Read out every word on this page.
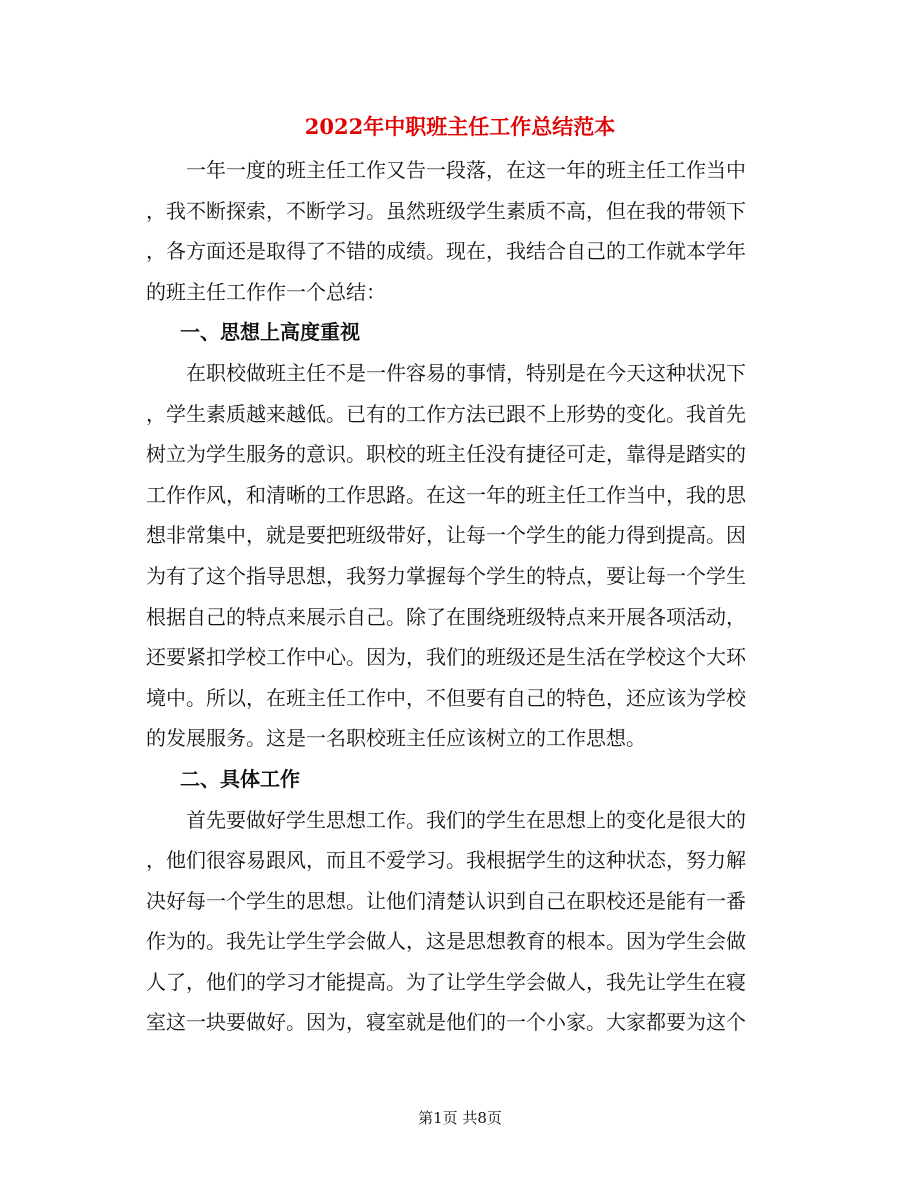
2022年中职班主任工作总结范本
一年一度的班主任工作又告一段落，在这一年的班主任工作当中
，我不断探索，不断学习。虽然班级学生素质不高，但在我的带领下
，各方面还是取得了不错的成绩。现在，我结合自己的工作就本学年
的班主任工作作一个总结：
一、思想上高度重视
在职校做班主任不是一件容易的事情，特别是在今天这种状况下
，学生素质越来越低。已有的工作方法已跟不上形势的变化。我首先
树立为学生服务的意识。职校的班主任没有捷径可走，靠得是踏实的
工作作风，和清晰的工作思路。在这一年的班主任工作当中，我的思
想非常集中，就是要把班级带好，让每一个学生的能力得到提高。因
为有了这个指导思想，我努力掌握每个学生的特点，要让每一个学生
根据自己的特点来展示自己。除了在围绕班级特点来开展各项活动，
还要紧扣学校工作中心。因为，我们的班级还是生活在学校这个大环
境中。所以，在班主任工作中，不但要有自己的特色，还应该为学校
的发展服务。这是一名职校班主任应该树立的工作思想。
二、具体工作
首先要做好学生思想工作。我们的学生在思想上的变化是很大的
，他们很容易跟风，而且不爱学习。我根据学生的这种状态，努力解
决好每一个学生的思想。让他们清楚认识到自己在职校还是能有一番
作为的。我先让学生学会做人，这是思想教育的根本。因为学生会做
人了，他们的学习才能提高。为了让学生学会做人，我先让学生在寝
室这一块要做好。因为，寝室就是他们的一个小家。大家都要为这个
第1页 共8页
